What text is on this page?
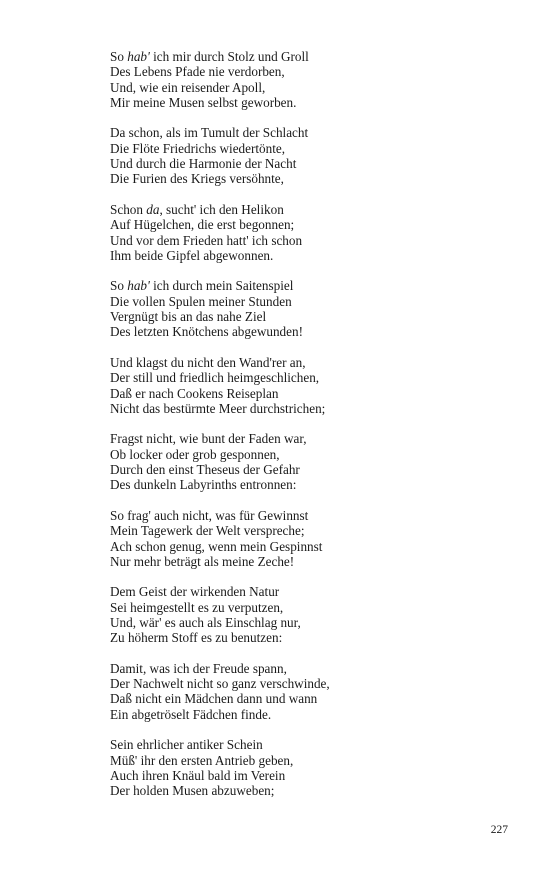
So hab' ich mir durch Stolz und Groll
Des Lebens Pfade nie verdorben,
Und, wie ein reisender Apoll,
Mir meine Musen selbst geworben.
Da schon, als im Tumult der Schlacht
Die Flöte Friedrichs wiedertönte,
Und durch die Harmonie der Nacht
Die Furien des Kriegs versöhnte,
Schon da, sucht' ich den Helikon
Auf Hügelchen, die erst begonnen;
Und vor dem Frieden hatt' ich schon
Ihm beide Gipfel abgewonnen.
So hab' ich durch mein Saitenspiel
Die vollen Spulen meiner Stunden
Vergnügt bis an das nahe Ziel
Des letzten Knötchens abgewunden!
Und klagst du nicht den Wand'rer an,
Der still und friedlich heimgeschlichen,
Daß er nach Cookens Reiseplan
Nicht das bestürmte Meer durchstrichen;
Fragst nicht, wie bunt der Faden war,
Ob locker oder grob gesponnen,
Durch den einst Theseus der Gefahr
Des dunkeln Labyrinths entronnen:
So frag' auch nicht, was für Gewinnst
Mein Tagewerk der Welt verspreche;
Ach schon genug, wenn mein Gespinnst
Nur mehr beträgt als meine Zeche!
Dem Geist der wirkenden Natur
Sei heimgestellt es zu verputzen,
Und, wär' es auch als Einschlag nur,
Zu höherm Stoff es zu benutzen:
Damit, was ich der Freude spann,
Der Nachwelt nicht so ganz verschwinde,
Daß nicht ein Mädchen dann und wann
Ein abgetröselt Fädchen finde.
Sein ehrlicher antiker Schein
Müß' ihr den ersten Antrieb geben,
Auch ihren Knäul bald im Verein
Der holden Musen abzuweben;
227
